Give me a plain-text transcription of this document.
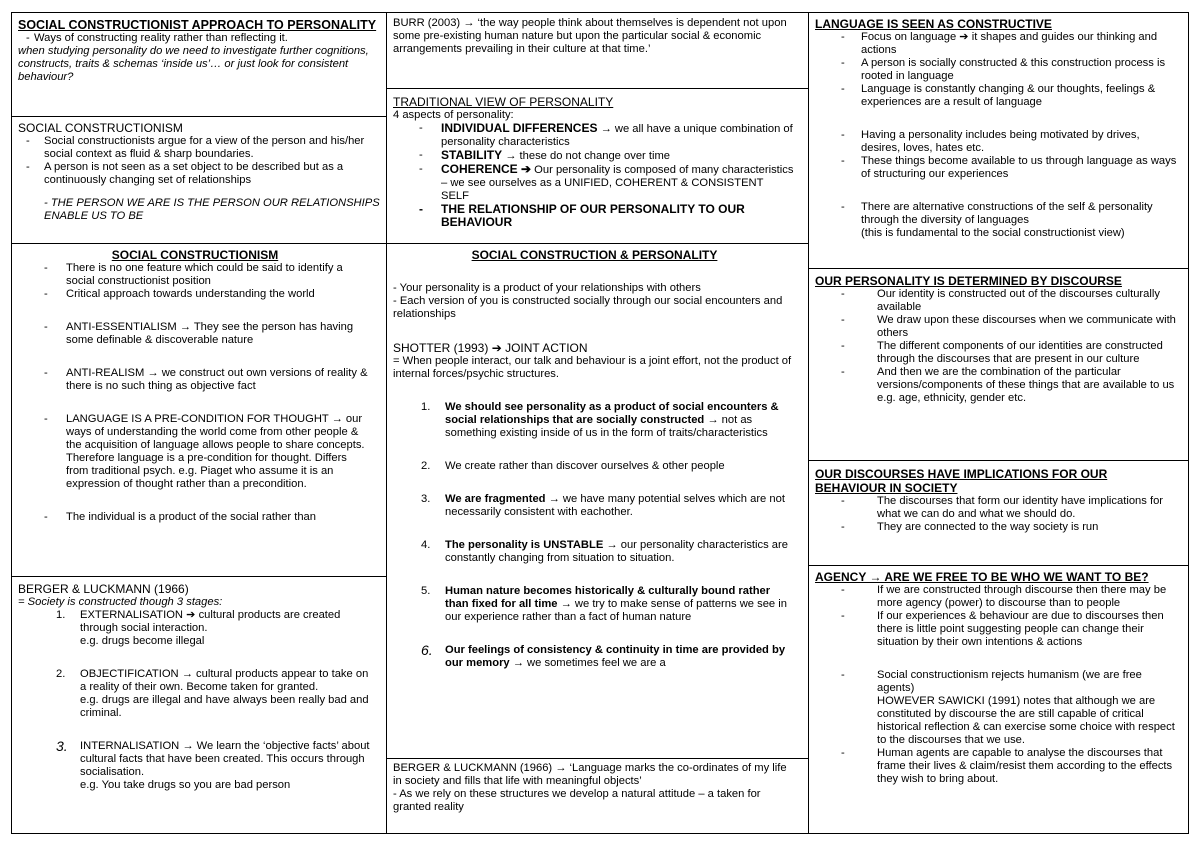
SOCIAL CONSTRUCTIONIST APPROACH TO PERSONALITY

- Ways of constructing reality rather than reflecting it.

when studying personality do we need to investigate further cognitions, constructs, traits & schemas ‘inside us’… or just look for consistent behaviour?

SOCIAL CONSTRUCTIONISM

- Social constructionists argue for a view of the person and his/her social context as fluid & sharp boundaries.

- A person is not seen as a set object to be described but as a continuously changing set of relationships

- THE PERSON WE ARE IS THE PERSON OUR RELATIONSHIPS ENABLE US TO BE

SOCIAL CONSTRUCTIONISM

- There is no one feature which could be said to identify a social constructionist position

- Critical approach towards understanding the world

- ANTI-ESSENTIALISM → They see the person has having some definable & discoverable nature

- ANTI-REALISM → we construct out own versions of reality & there is no such thing as objective fact

- LANGUAGE IS A PRE-CONDITION FOR THOUGHT → our ways of understanding the world come from other people & the acquisition of language allows people to share concepts. Therefore language is a pre-condition for thought. Differs from traditional psych. e.g. Piaget who assume it is an expression of thought rather than a precondition.

- The individual is a product of the social rather than

BERGER & LUCKMANN (1966)

= Society is constructed though 3 stages:

1. EXTERNALISATION ➔ cultural products are created through social interaction.

e.g. drugs become illegal

2. OBJECTIFICATION → cultural products appear to take on a reality of their own. Become taken for granted.

e.g. drugs are illegal and have always been really bad and criminal.

3. INTERNALISATION → We learn the ‘objective facts’ about cultural facts that have been created. This occurs through socialisation.

e.g. You take drugs so you are bad person

BURR (2003) → ‘the way people think about themselves is dependent not upon some pre-existing human nature but upon the particular social & economic arrangements prevailing in their culture at that time.’

TRADITIONAL VIEW OF PERSONALITY

4 aspects of personality:

- INDIVIDUAL DIFFERENCES → we all have a unique combination of personality characteristics

- STABILITY → these do not change over time

- COHERENCE ➔ Our personality is composed of many characteristics – we see ourselves as a UNIFIED, COHERENT & CONSISTENT SELF

- THE RELATIONSHIP OF OUR PERSONALITY TO OUR BEHAVIOUR

SOCIAL CONSTRUCTION & PERSONALITY

- Your personality is a product of your relationships with others

- Each version of you is constructed socially through our social encounters and relationships

SHOTTER (1993) ➔ JOINT ACTION

= When people interact, our talk and behaviour is a joint effort, not the product of internal forces/psychic structures.

1. We should see personality as a product of social encounters & social relationships that are socially constructed → not as something existing inside of us in the form of traits/characteristics

2. We create rather than discover ourselves & other people

3. We are fragmented → we have many potential selves which are not necessarily consistent with eachother.

4. The personality is UNSTABLE → our personality characteristics are constantly changing from situation to situation.

5. Human nature becomes historically & culturally bound rather than fixed for all time → we try to make sense of patterns we see in our experience rather than a fact of human nature

6. Our feelings of consistency & continuity in time are provided by our memory → we sometimes feel we are a

BERGER & LUCKMANN (1966) → ‘Language marks the co-ordinates of my life in society and fills that life with meaningful objects’

- As we rely on these structures we develop a natural attitude – a taken for granted reality

LANGUAGE IS SEEN AS CONSTRUCTIVE

- Focus on language ➔ it shapes and guides our thinking and actions

- A person is socially constructed & this construction process is rooted in language

- Language is constantly changing & our thoughts, feelings & experiences are a result of language

- Having a personality includes being motivated by drives, desires, loves, hates etc.

- These things become available to us through language as ways of structuring our experiences

- There are alternative constructions of the self & personality through the diversity of languages

(this is fundamental to the social constructionist view)

OUR PERSONALITY IS DETERMINED BY DISCOURSE

- Our identity is constructed out of the discourses culturally available

- We draw upon these discourses when we communicate with others

- The different components of our identities are constructed through the discourses that are present in our culture

- And then we are the combination of the particular versions/components of these things that are available to us e.g. age, ethnicity, gender etc.

OUR DISCOURSES HAVE IMPLICATIONS FOR OUR BEHAVIOUR IN SOCIETY

- The discourses that form our identity have implications for what we can do and what we should do.

- They are connected to the way society is run

AGENCY → ARE WE FREE TO BE WHO WE WANT TO BE?

- If we are constructed through discourse then there may be more agency (power) to discourse than to people

- If our experiences & behaviour are due to discourses then there is little point suggesting people can change their situation by their own intentions & actions

- Social constructionism rejects humanism (we are free agents)

HOWEVER SAWICKI (1991) notes that although we are constituted by discourse the are still capable of critical historical reflection & can exercise some choice with respect to the discourses that we use.

- Human agents are capable to analyse the discourses that frame their lives & claim/resist them according to the effects they wish to bring about.
